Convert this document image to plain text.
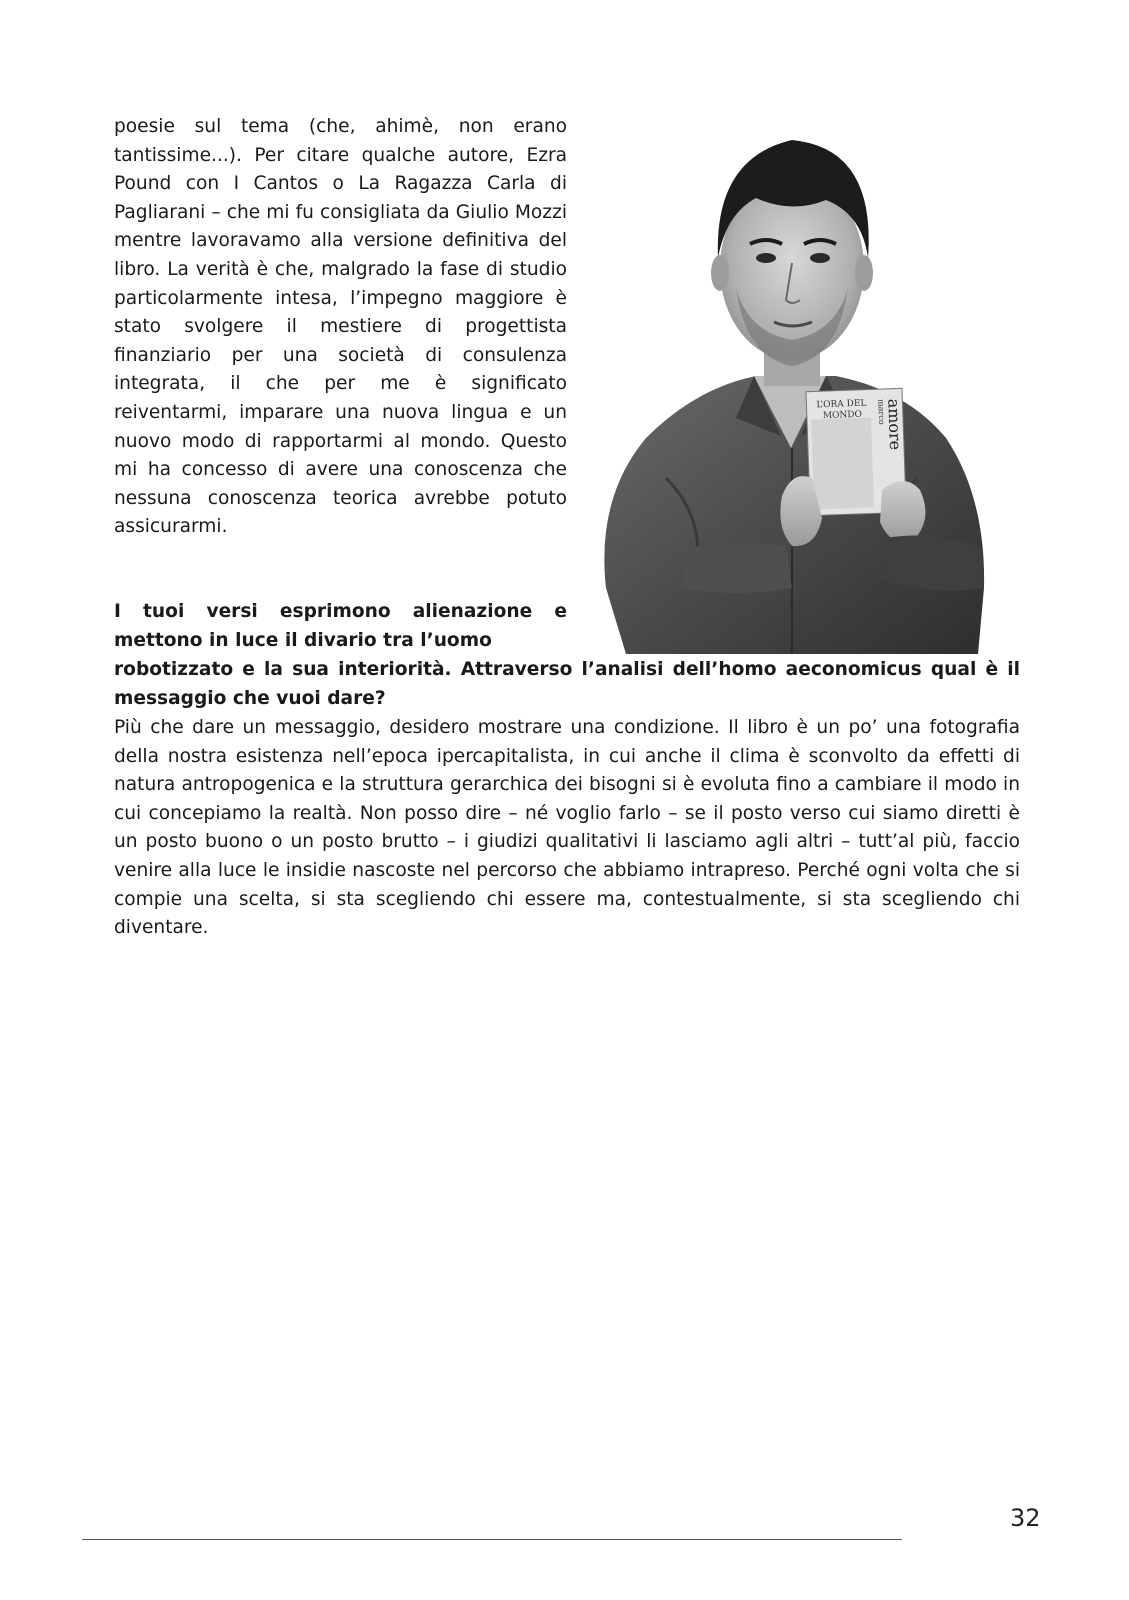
poesie sul tema (che, ahimè, non erano tantissime...). Per citare qualche autore, Ezra Pound con I Cantos o La Ragazza Carla di Pagliarani – che mi fu consigliata da Giulio Mozzi mentre lavoravamo alla versione definitiva del libro. La verità è che, malgrado la fase di studio particolarmente intesa, l’impegno maggiore è stato svolgere il mestiere di progettista finanziario per una società di consulenza integrata, il che per me è significato reiventarmi, imparare una nuova lingua e un nuovo modo di rapportarmi al mondo. Questo mi ha concesso di avere una conoscenza che nessuna conoscenza teorica avrebbe potuto assicurarmi.
L’ORA DEL
MONDO marco
amore
I tuoi versi esprimono alienazione e mettono in luce il divario tra l’uomo
robotizzato e la sua interiorità. Attraverso l’analisi dell’homo aeconomicus qual è il messaggio che vuoi dare?
Più che dare un messaggio, desidero mostrare una condizione. Il libro è un po’ una fotografia della nostra esistenza nell’epoca ipercapitalista, in cui anche il clima è sconvolto da effetti di natura antropogenica e la struttura gerarchica dei bisogni si è evoluta fino a cambiare il modo in cui concepiamo la realtà. Non posso dire – né voglio farlo – se il posto verso cui siamo diretti è un posto buono o un posto brutto – i giudizi qualitativi li lasciamo agli altri – tutt’al più, faccio venire alla luce le insidie nascoste nel percorso che abbiamo intrapreso. Perché ogni volta che si compie una scelta, si sta scegliendo chi essere ma, contestualmente, si sta scegliendo chi diventare.
32
